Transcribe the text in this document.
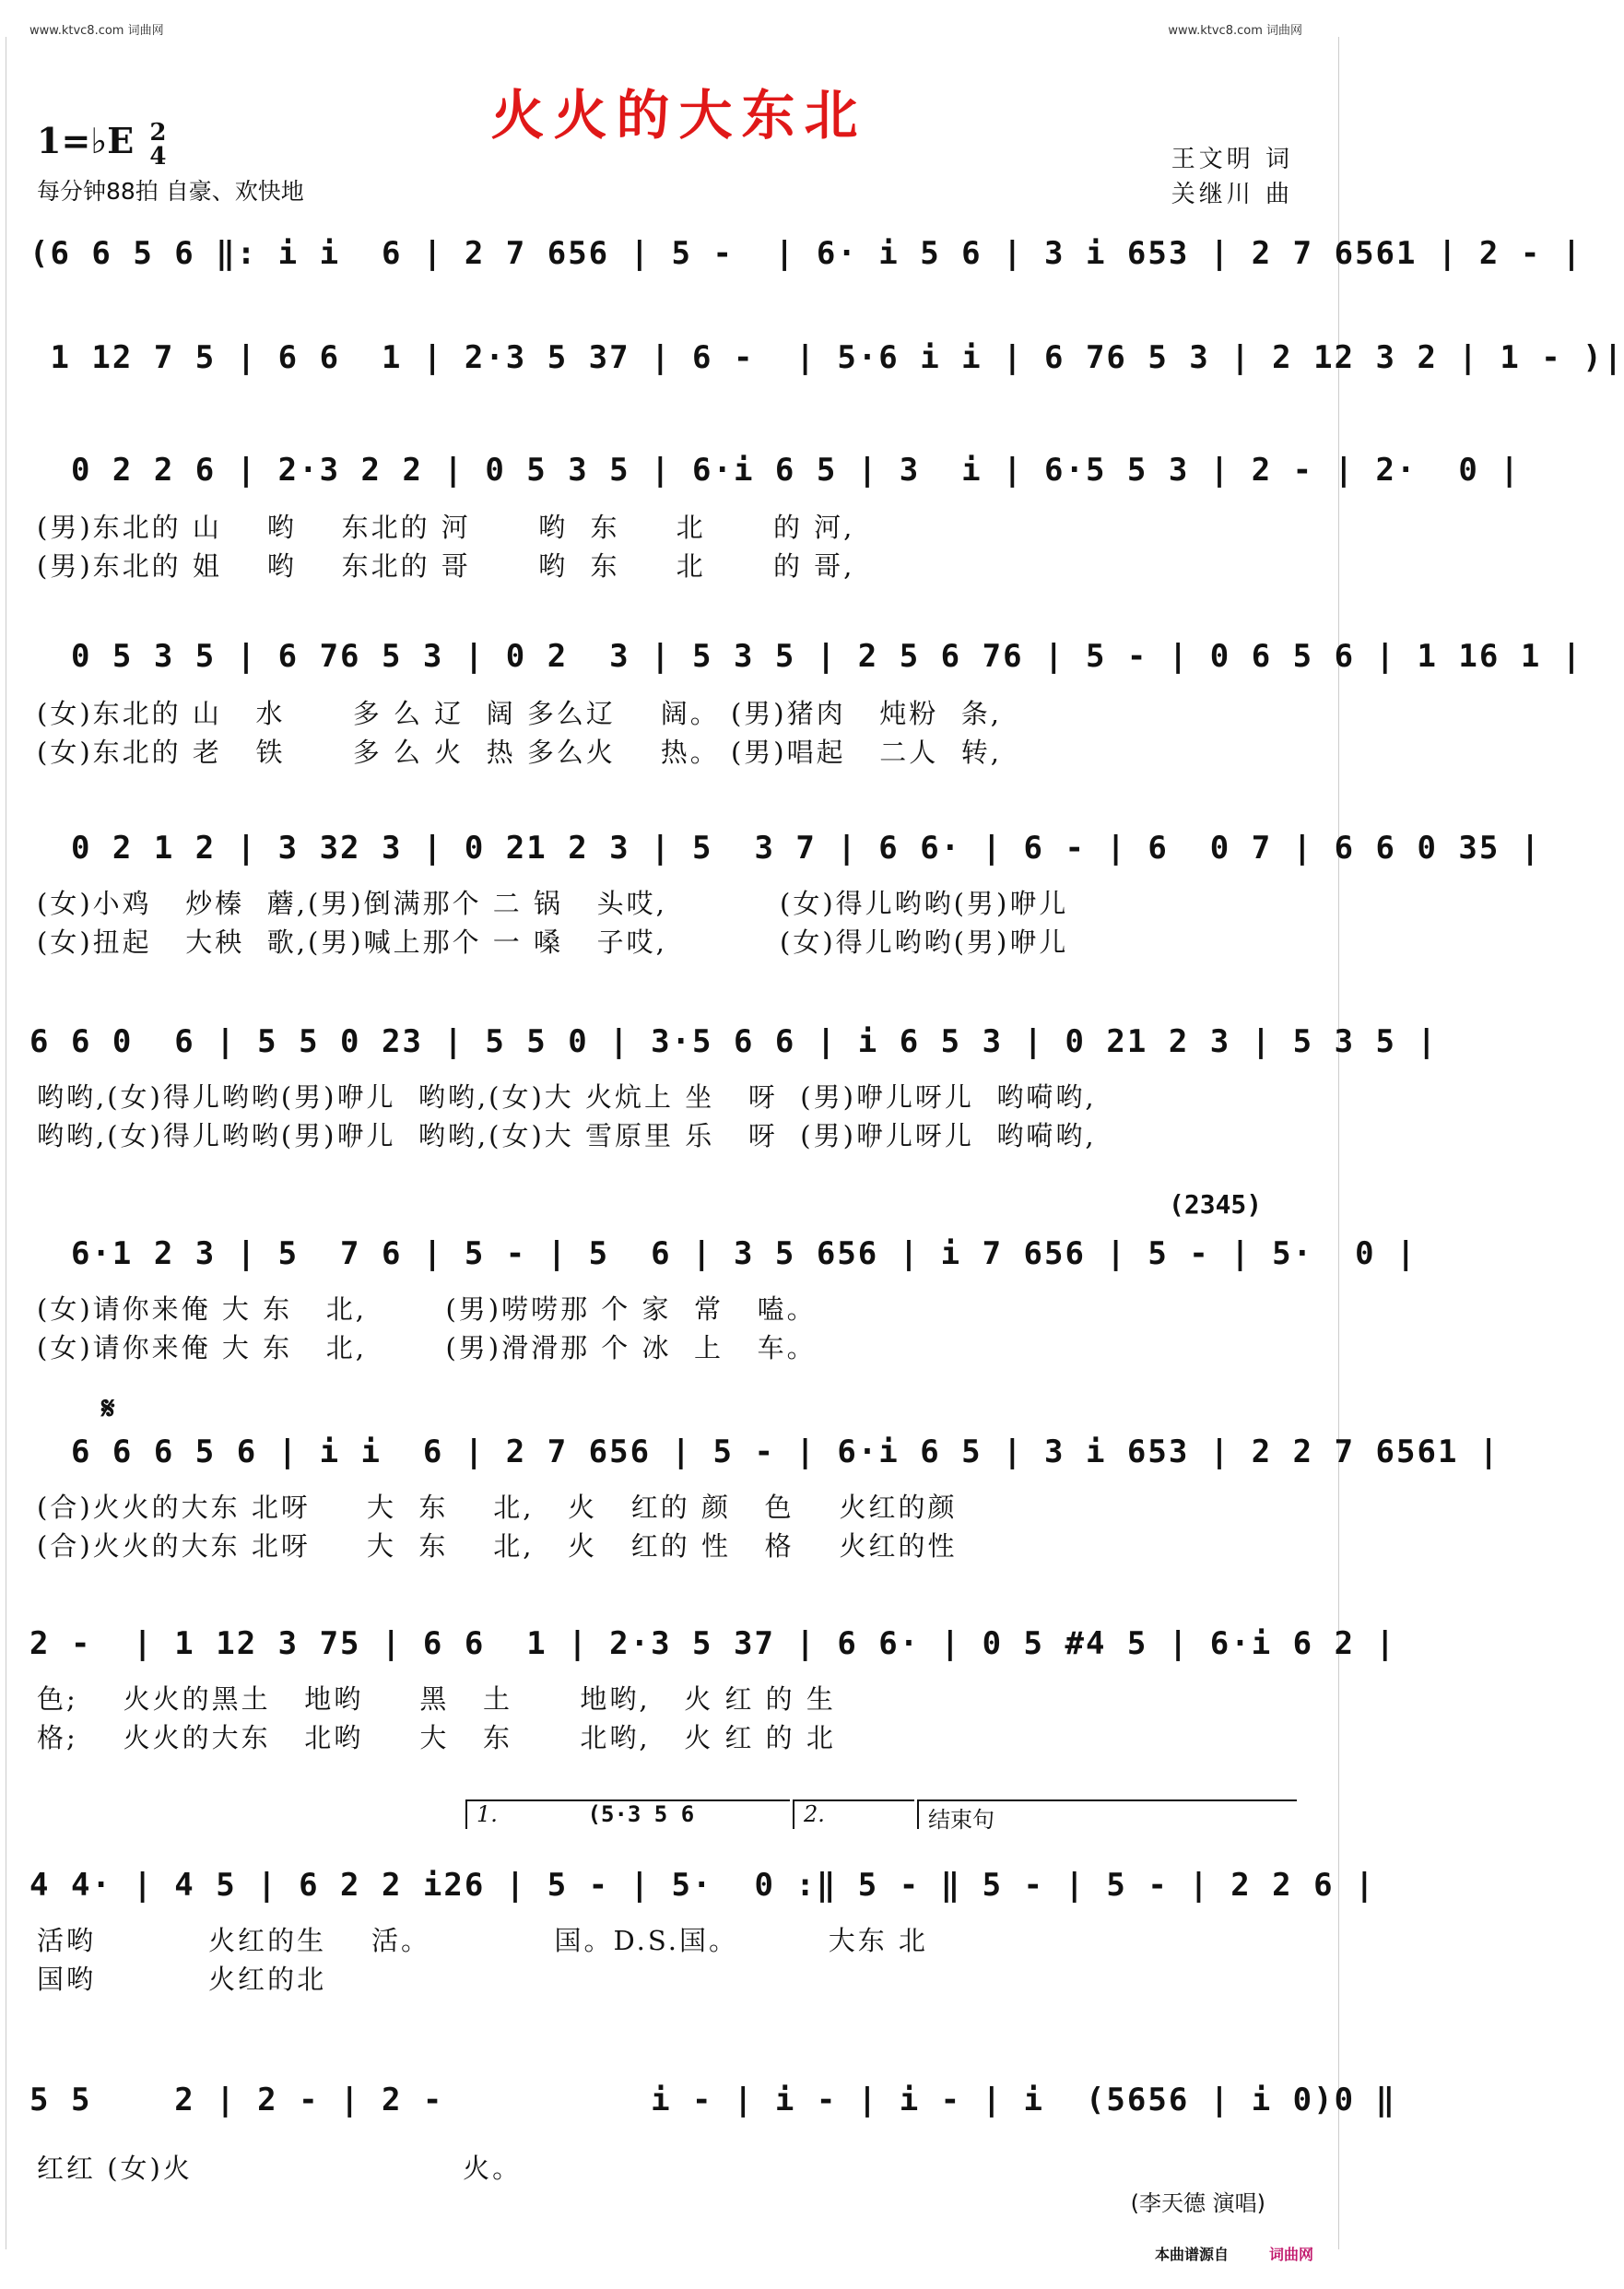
www.ktvc8.com 词曲网	www.ktvc8.com 词曲网
火火的大东北
1=♭E 2
4
每分钟88拍 自豪、欢快地
王文明 词
关继川 曲
(6 6 5 6 ‖: i i  6 | 2 7 656 | 5 -  | 6· i 5 6 | 3 i 653 | 2 7 6561 | 2 - |
1 12 7 5 | 6 6  1 | 2·3 5 37 | 6 -  | 5·6 i i | 6 76 5 3 | 2 12 3 2 | 1 - )|
0 2 2 6 | 2·3 2 2 | 0 5 3 5 | 6·i 6 5 | 3  i | 6·5 5 3 | 2 - | 2·  0 |
(男)东北的 山    哟    东北的 河      哟  东     北      的 河,
(男)东北的 姐    哟    东北的 哥      哟  东     北      的 哥,
0 5 3 5 | 6 76 5 3 | 0 2  3 | 5 3 5 | 2 5 6 76 | 5 - | 0 6 5 6 | 1 16 1 |
(女)东北的 山   水      多 么 辽  阔 多么辽    阔。 (男)猪肉   炖粉  条,
(女)东北的 老   铁      多 么 火  热 多么火    热。 (男)唱起   二人  转,
0 2 1 2 | 3 32 3 | 0 21 2 3 | 5  3 7 | 6 6· | 6 - | 6  0 7 | 6 6 0 35 |
(女)小鸡   炒榛  蘑,(男)倒满那个 二 锅   头哎,          (女)得儿哟哟(男)咿儿
(女)扭起   大秧  歌,(男)喊上那个 一 嗓   子哎,          (女)得儿哟哟(男)咿儿
6 6 0  6 | 5 5 0 23 | 5 5 0 | 3·5 6 6 | i 6 5 3 | 0 21 2 3 | 5 3 5 |
哟哟,(女)得儿哟哟(男)咿儿  哟哟,(女)大 火炕上 坐   呀  (男)咿儿呀儿  哟嗬哟,
哟哟,(女)得儿哟哟(男)咿儿  哟哟,(女)大 雪原里 乐   呀  (男)咿儿呀儿  哟嗬哟,
(2345)
6·1 2 3 | 5  7 6 | 5 - | 5  6 | 3 5 656 | i 7 656 | 5 - | 5·  0 |
(女)请你来俺 大 东   北,       (男)唠唠那 个 家  常   嗑。
(女)请你来俺 大 东   北,       (男)滑滑那 个 冰  上   车。
𝄋
6 6 6 5 6 | i i  6 | 2 7 656 | 5 - | 6·i 6 5 | 3 i 653 | 2 2 7 6561 |
(合)火火的大东 北呀     大  东    北,   火   红的 颜   色    火红的颜
(合)火火的大东 北呀     大  东    北,   火   红的 性   格    火红的性
2 -  | 1 12 3 75 | 6 6  1 | 2·3 5 37 | 6 6· | 0 5 #4 5 | 6·i 6 2 |
色;    火火的黑土   地哟     黑   土      地哟,   火 红 的 生
格;    火火的大东   北哟     大   东      北哟,   火 红 的 北
1.	(5·3 5 6	2.	结束句
4 4· | 4 5 | 6 2 2 i26 | 5 - | 5·  0 :‖ 5 - ‖ 5 - | 5 - | 2 2 6 |
活哟          火红的生    活。           国。D.S.国。        大东 北
国哟          火红的北
5 5    2 | 2 - | 2 -          i - | i - | i - | i  (5656 | i 0)0 ‖
红红 (女)火                        火。
(李天德 演唱)
本曲谱源自	词曲网
